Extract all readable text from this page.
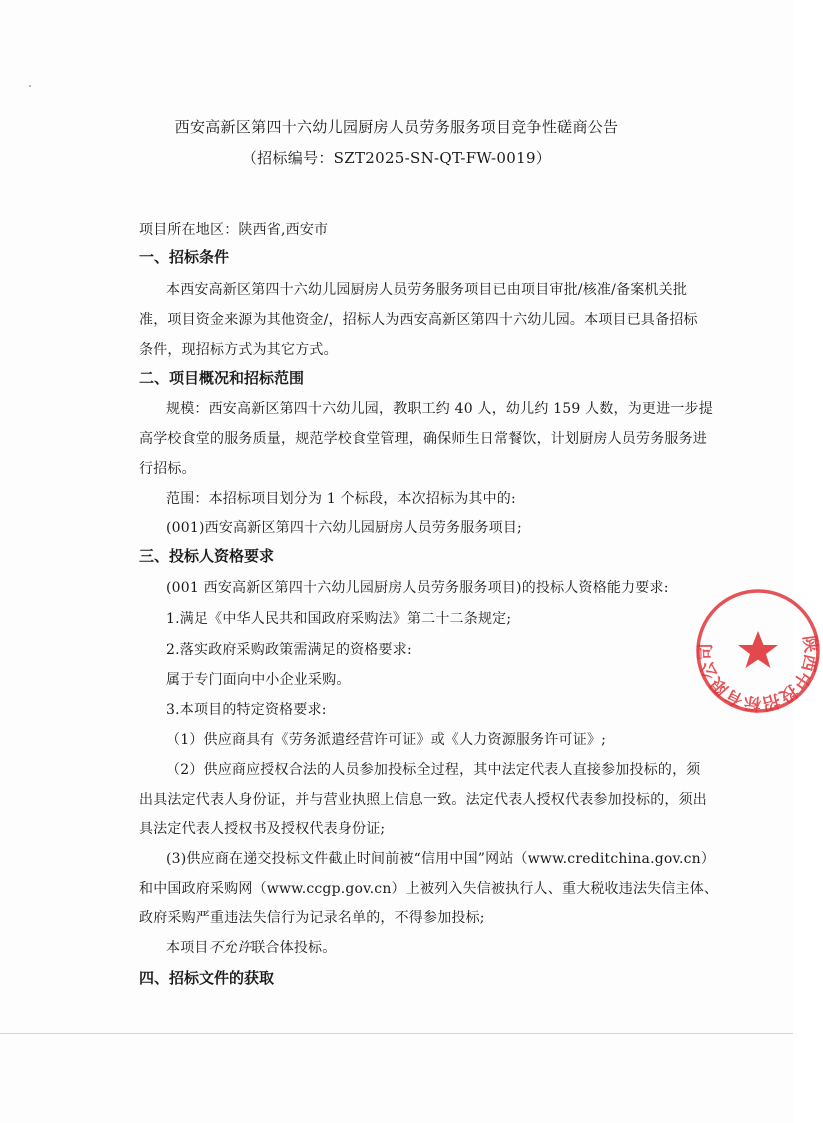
西安高新区第四十六幼儿园厨房人员劳务服务项目竞争性磋商公告
（招标编号：SZT2025-SN-QT-FW-0019）
项目所在地区：陕西省,西安市
一、招标条件
本西安高新区第四十六幼儿园厨房人员劳务服务项目已由项目审批/核准/备案机关批
准，项目资金来源为其他资金/，招标人为西安高新区第四十六幼儿园。本项目已具备招标
条件，现招标方式为其它方式。
二、项目概况和招标范围
规模：西安高新区第四十六幼儿园，教职工约 40 人，幼儿约 159 人数，为更进一步提
高学校食堂的服务质量，规范学校食堂管理，确保师生日常餐饮，计划厨房人员劳务服务进
行招标。
范围：本招标项目划分为 1 个标段，本次招标为其中的:
(001)西安高新区第四十六幼儿园厨房人员劳务服务项目;
三、投标人资格要求
(001 西安高新区第四十六幼儿园厨房人员劳务服务项目)的投标人资格能力要求:
1.满足《中华人民共和国政府采购法》第二十二条规定;
2.落实政府采购政策需满足的资格要求:
属于专门面向中小企业采购。
3.本项目的特定资格要求:
（1）供应商具有《劳务派遣经营许可证》或《人力资源服务许可证》;
（2）供应商应授权合法的人员参加投标全过程，其中法定代表人直接参加投标的，须
出具法定代表人身份证，并与营业执照上信息一致。法定代表人授权代表参加投标的，须出
具法定代表人授权书及授权代表身份证;
(3)供应商在递交投标文件截止时间前被“信用中国”网站（www.creditchina.gov.cn）
和中国政府采购网（www.ccgp.gov.cn）上被列入失信被执行人、重大税收违法失信主体、
政府采购严重违法失信行为记录名单的，不得参加投标;
本项目不允许联合体投标。
四、招标文件的获取
陕西中投招标有限公司
